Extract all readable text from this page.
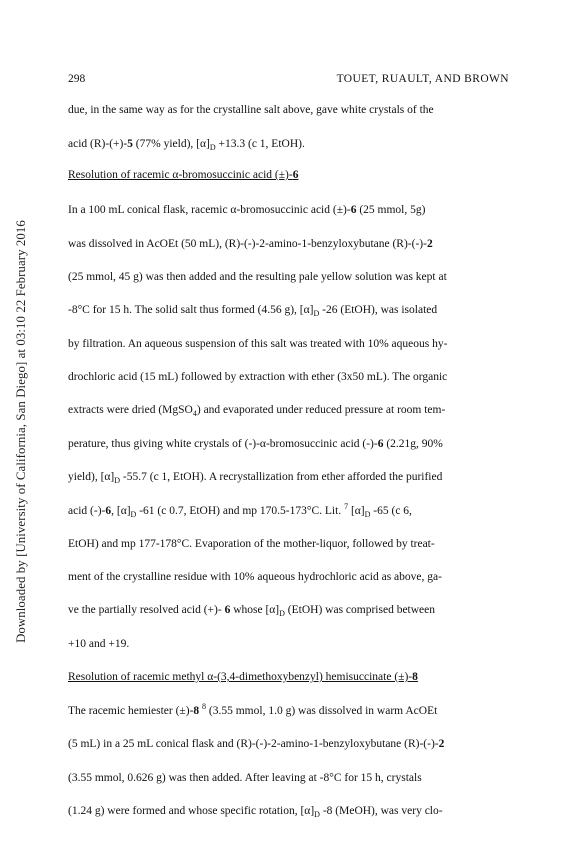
Downloaded by [University of California, San Diego] at 03:10 22 February 2016
298	TOUET, RUAULT, AND BROWN
due, in the same way as for the crystalline salt above, gave white crystals of the
acid (R)-(+)-5 (77% yield), $[\alpha]_D +13.3$ (c 1, EtOH).
Resolution of racemic α-bromosuccinic acid (±)-6
In a 100 mL conical flask, racemic α-bromosuccinic acid (±)-6 (25 mmol, 5g)
was dissolved in AcOEt (50 mL), (R)-(-)-2-amino-1-benzyloxybutane (R)-(-)-2
(25 mmol, 45 g) was then added and the resulting pale yellow solution was kept at
-8°C for 15 h. The solid salt thus formed (4.56 g), $[\alpha]_D$ -26 (EtOH), was isolated
by filtration. An aqueous suspension of this salt was treated with 10% aqueous hy-
drochloric acid (15 mL) followed by extraction with ether (3x50 mL). The organic
extracts were dried (MgSO$_4$) and evaporated under reduced pressure at room tem-
perature, thus giving white crystals of (-)-α-bromosuccinic acid (-)-6 (2.21g, 90%
yield), $[\alpha]_D$ -55.7 (c 1, EtOH). A recrystallization from ether afforded the purified
acid (-)-6, $[\alpha]_D$ -61 (c 0.7, EtOH) and mp 170.5-173°C. Lit. $^7$ $[\alpha]_D$ -65 (c 6,
EtOH) and mp 177-178°C. Evaporation of the mother-liquor, followed by treat-
ment of the crystalline residue with 10% aqueous hydrochloric acid as above, ga-
ve the partially resolved acid (+)- 6 whose $[\alpha]_D$ (EtOH) was comprised between
+10 and +19.
Resolution of racemic methyl α-(3,4-dimethoxybenzyl) hemisuccinate (±)-8
The racemic hemiester (±)-8 $^8$ (3.55 mmol, 1.0 g) was dissolved in warm AcOEt
(5 mL) in a 25 mL conical flask and (R)-(-)-2-amino-1-benzyloxybutane (R)-(-)-2
(3.55 mmol, 0.626 g) was then added. After leaving at -8°C for 15 h, crystals
(1.24 g) were formed and whose specific rotation, $[\alpha]_D$ -8 (MeOH), was very clo-
